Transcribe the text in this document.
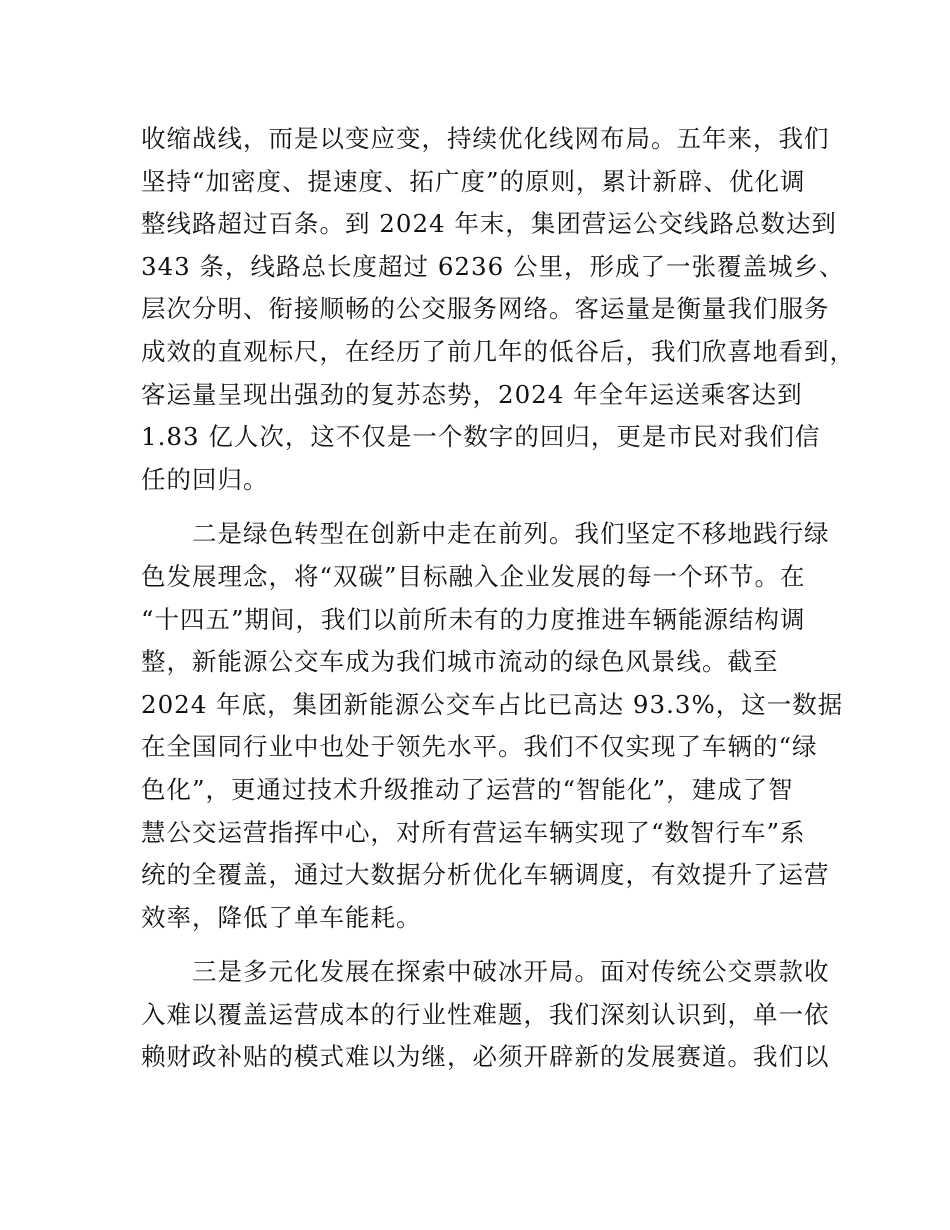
收缩战线，而是以变应变，持续优化线网布局。五年来，我们
坚持“加密度、提速度、拓广度”的原则，累计新辟、优化调
整线路超过百条。到 2024 年末，集团营运公交线路总数达到
343 条，线路总长度超过 6236 公里，形成了一张覆盖城乡、
层次分明、衔接顺畅的公交服务网络。客运量是衡量我们服务
成效的直观标尺，在经历了前几年的低谷后，我们欣喜地看到，
客运量呈现出强劲的复苏态势，2024 年全年运送乘客达到
1.83 亿人次，这不仅是一个数字的回归，更是市民对我们信
任的回归。
　　二是绿色转型在创新中走在前列。我们坚定不移地践行绿
色发展理念，将“双碳”目标融入企业发展的每一个环节。在
“十四五”期间，我们以前所未有的力度推进车辆能源结构调
整，新能源公交车成为我们城市流动的绿色风景线。截至
2024 年底，集团新能源公交车占比已高达 93.3%，这一数据
在全国同行业中也处于领先水平。我们不仅实现了车辆的“绿
色化”，更通过技术升级推动了运营的“智能化”，建成了智
慧公交运营指挥中心，对所有营运车辆实现了“数智行车”系
统的全覆盖，通过大数据分析优化车辆调度，有效提升了运营
效率，降低了单车能耗。
　　三是多元化发展在探索中破冰开局。面对传统公交票款收
入难以覆盖运营成本的行业性难题，我们深刻认识到，单一依
赖财政补贴的模式难以为继，必须开辟新的发展赛道。我们以
